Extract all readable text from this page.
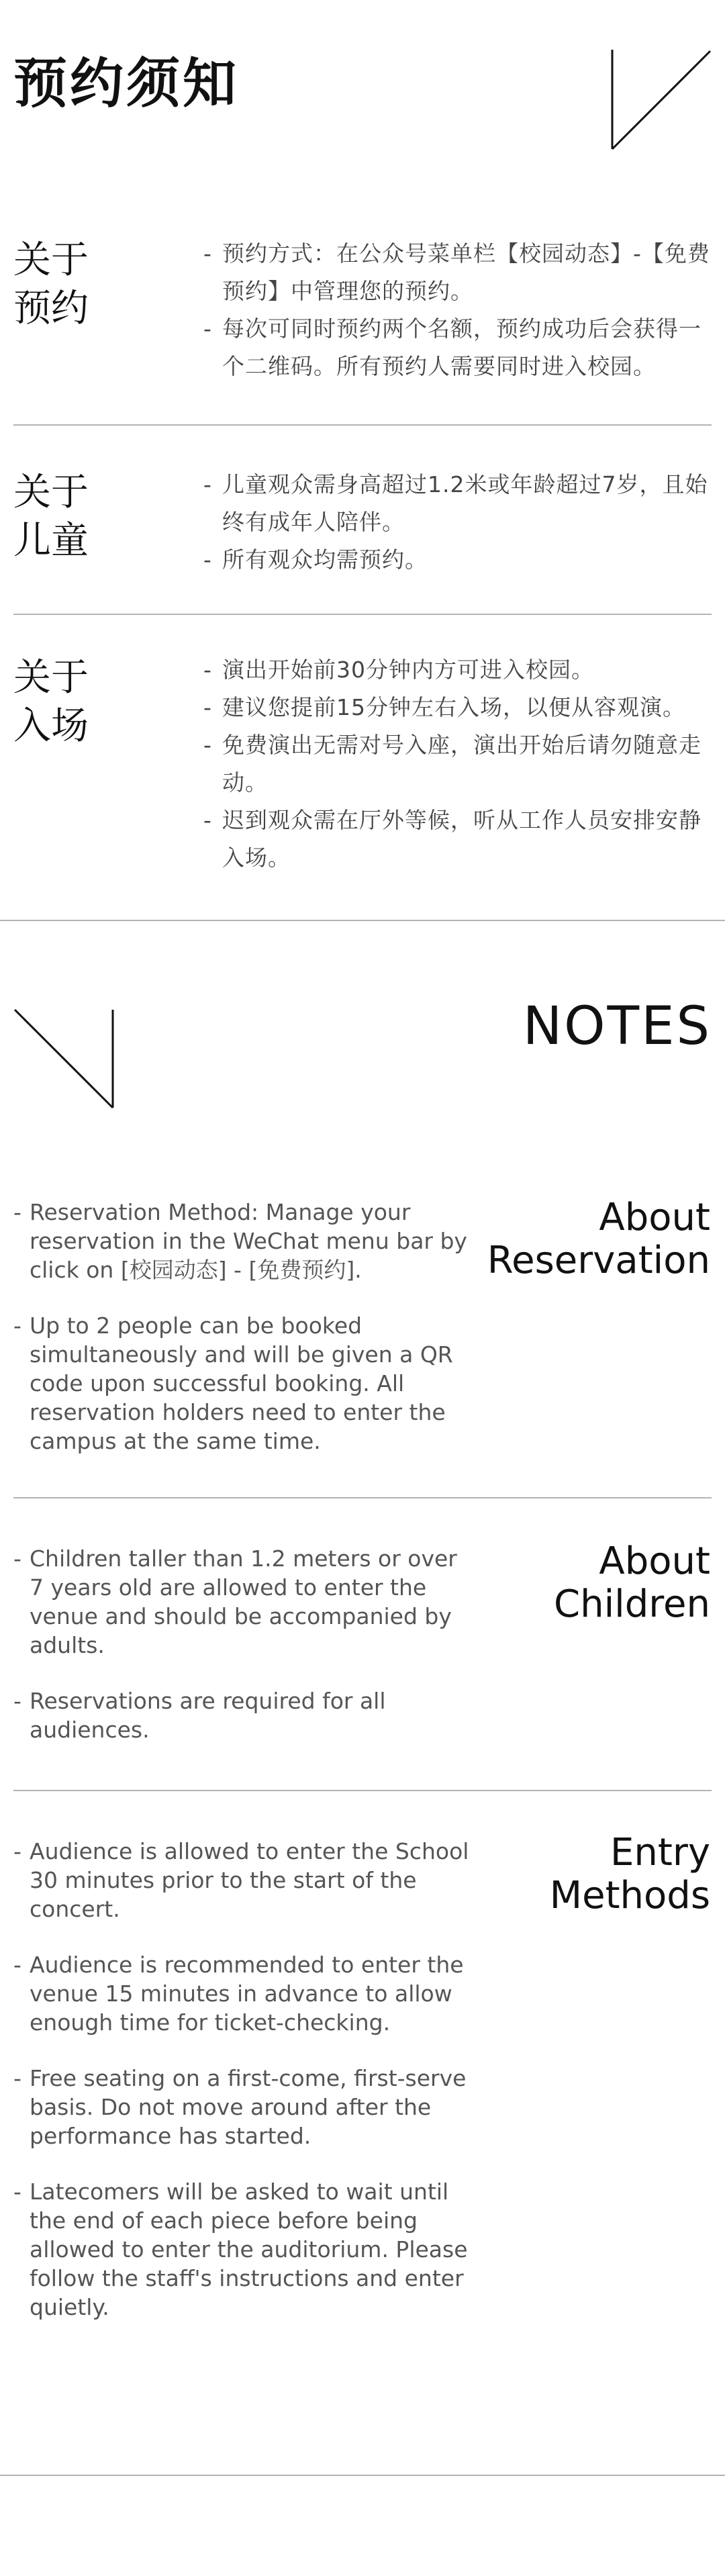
预约须知
关于
预约
- 预约方式：在公众号菜单栏【校园动态】-【免费预约】中管理您的预约。
- 每次可同时预约两个名额，预约成功后会获得一个二维码。所有预约人需要同时进入校园。
关于
儿童
- 儿童观众需身高超过1.2米或年龄超过7岁，且始终有成年人陪伴。
- 所有观众均需预约。
关于
入场
- 演出开始前30分钟内方可进入校园。
- 建议您提前15分钟左右入场，以便从容观演。
- 免费演出无需对号入座，演出开始后请勿随意走动。
- 迟到观众需在厅外等候，听从工作人员安排安静入场。
NOTES
- Reservation Method: Manage your reservation in the WeChat menu bar by click on [校园动态] - [免费预约].
- Up to 2 people can be booked simultaneously and will be given a QR code upon successful booking. All reservation holders need to enter the campus at the same time.
About
Reservation
- Children taller than 1.2 meters or over 7 years old are allowed to enter the venue and should be accompanied by adults.
- Reservations are required for all audiences.
About
Children
- Audience is allowed to enter the School 30 minutes prior to the start of the concert.
- Audience is recommended to enter the venue 15 minutes in advance to allow enough time for ticket-checking.
- Free seating on a first-come, first-serve basis. Do not move around after the performance has started.
- Latecomers will be asked to wait until the end of each piece before being allowed to enter the auditorium. Please follow the staff's instructions and enter quietly.
Entry
Methods
